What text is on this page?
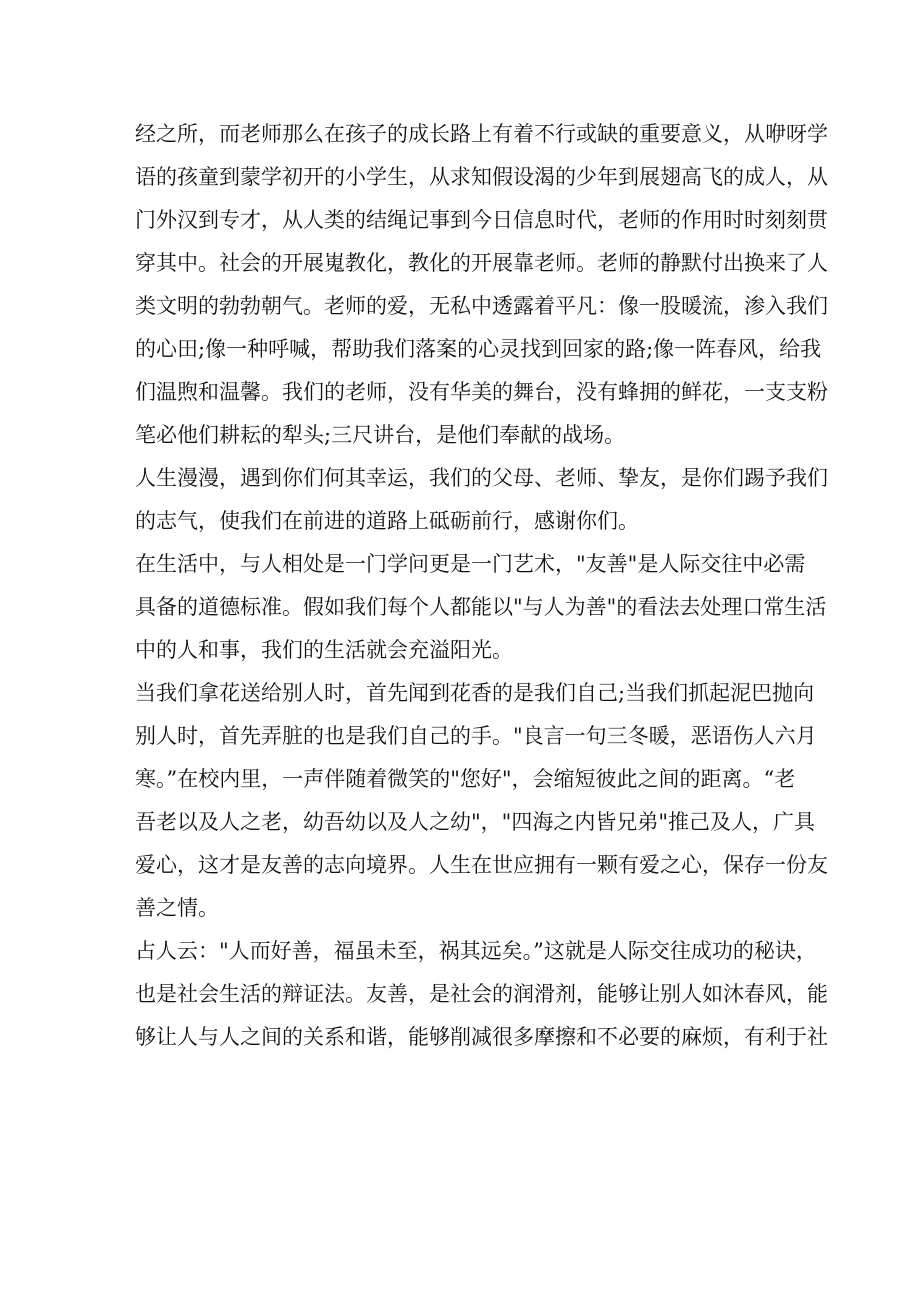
经之所，而老师那么在孩子的成长路上有着不行或缺的重要意义，从咿呀学
语的孩童到蒙学初开的小学生，从求知假设渴的少年到展翅高飞的成人，从
门外汉到专才，从人类的结绳记事到今日信息时代，老师的作用时时刻刻贯
穿其中。社会的开展嵬教化，教化的开展靠老师。老师的静默付出换来了人
类文明的勃勃朝气。老师的爱，无私中透露着平凡：像一股暖流，渗入我们
的心田;像一种呼喊，帮助我们落案的心灵找到回家的路;像一阵春风，给我
们温煦和温馨。我们的老师，没有华美的舞台，没有蜂拥的鲜花，一支支粉
笔必他们耕耘的犁头;三尺讲台，是他们奉献的战场。
人生漫漫，遇到你们何其幸运，我们的父母、老师、挚友，是你们踢予我们
的志气，使我们在前进的道路上砥砺前行，感谢你们。
在生活中，与人相处是一门学问更是一门艺术，"友善"是人际交往中必需
具备的道德标准。假如我们每个人都能以"与人为善"的看法去处理口常生活
中的人和事，我们的生活就会充溢阳光。
当我们拿花送给别人时，首先闻到花香的是我们自己;当我们抓起泥巴抛向
别人时，首先弄脏的也是我们自己的手。"良言一句三冬暖，恶语伤人六月
寒。”在校内里，一声伴随着微笑的"您好"，会缩短彼此之间的距离。“老
吾老以及人之老，幼吾幼以及人之幼"，"四海之内皆兄弟"推己及人，广具
爱心，这才是友善的志向境界。人生在世应拥有一颗有爱之心，保存一份友
善之情。
占人云："人而好善，福虽未至，祸其远矣。”这就是人际交往成功的秘诀，
也是社会生活的辩证法。友善，是社会的润滑剂，能够让别人如沐春风，能
够让人与人之间的关系和谐，能够削减很多摩擦和不必要的麻烦，有利于社
